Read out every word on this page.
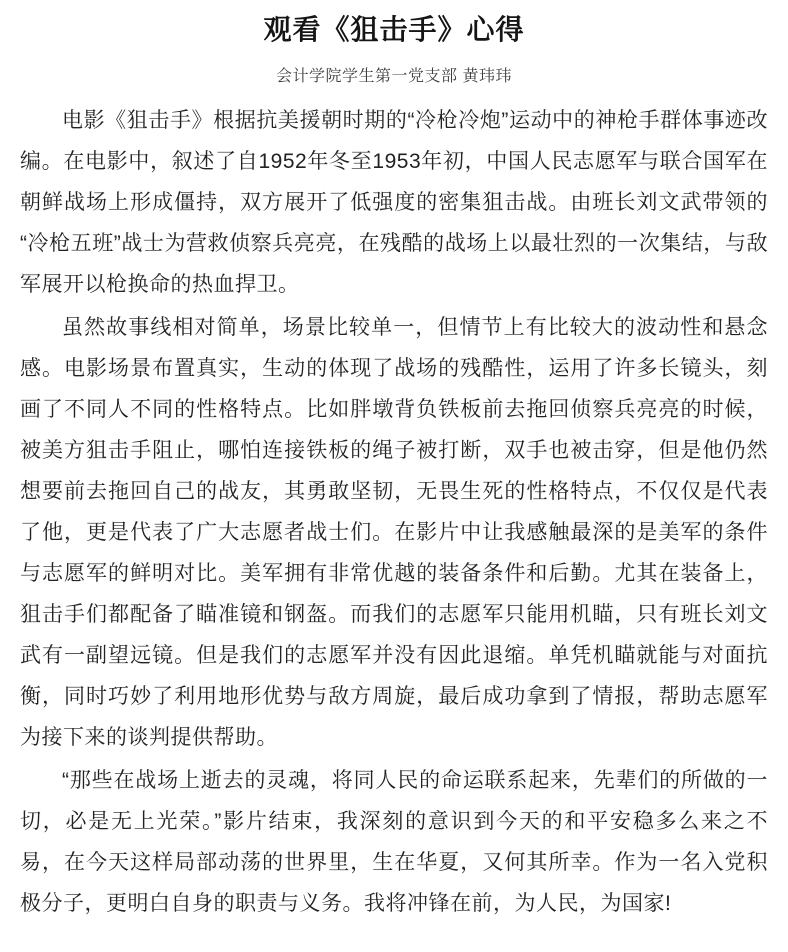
观看《狙击手》心得
会计学院学生第一党支部 黄玮玮

电影《狙击手》根据抗美援朝时期的“冷枪冷炮”运动中的神枪手群体事迹改编。在电影中，叙述了自1952年冬至1953年初，中国人民志愿军与联合国军在朝鲜战场上形成僵持，双方展开了低强度的密集狙击战。由班长刘文武带领的“冷枪五班”战士为营救侦察兵亮亮，在残酷的战场上以最壮烈的一次集结，与敌军展开以枪换命的热血捍卫。

虽然故事线相对简单，场景比较单一，但情节上有比较大的波动性和悬念感。电影场景布置真实，生动的体现了战场的残酷性，运用了许多长镜头，刻画了不同人不同的性格特点。比如胖墩背负铁板前去拖回侦察兵亮亮的时候，被美方狙击手阻止，哪怕连接铁板的绳子被打断，双手也被击穿，但是他仍然想要前去拖回自己的战友，其勇敢坚韧，无畏生死的性格特点，不仅仅是代表了他，更是代表了广大志愿者战士们。在影片中让我感触最深的是美军的条件与志愿军的鲜明对比。美军拥有非常优越的装备条件和后勤。尤其在装备上，狙击手们都配备了瞄准镜和钢盔。而我们的志愿军只能用机瞄，只有班长刘文武有一副望远镜。但是我们的志愿军并没有因此退缩。单凭机瞄就能与对面抗衡，同时巧妙了利用地形优势与敌方周旋，最后成功拿到了情报，帮助志愿军为接下来的谈判提供帮助。

“那些在战场上逝去的灵魂，将同人民的命运联系起来，先辈们的所做的一切，必是无上光荣。”影片结束，我深刻的意识到今天的和平安稳多么来之不易，在今天这样局部动荡的世界里，生在华夏，又何其所幸。作为一名入党积极分子，更明白自身的职责与义务。我将冲锋在前，为人民，为国家!
